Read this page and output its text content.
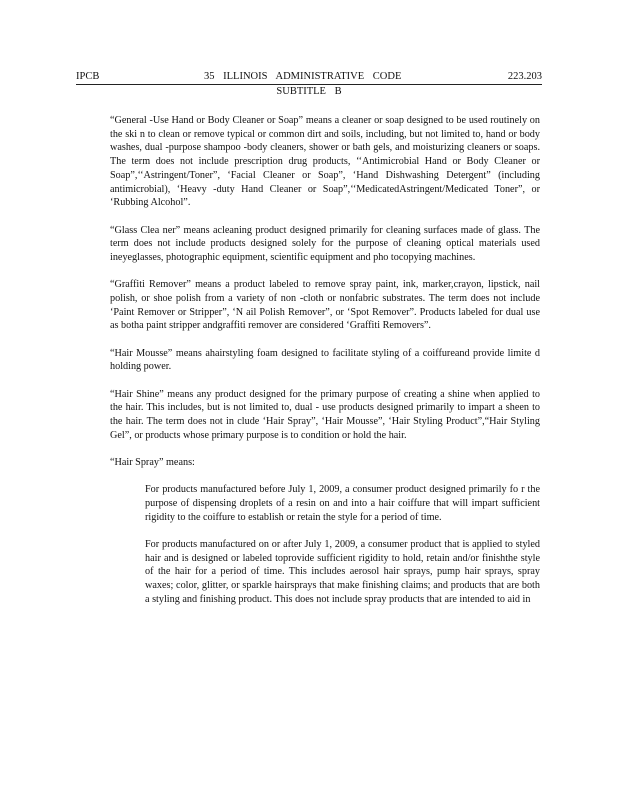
IPCB	35 ILLINOIS ADMINISTRATIVE CODE	223.203
SUBTITLE B

“General -Use Hand or Body Cleaner or Soap” means a cleaner or soap designed to be used routinely on the ski n to clean or remove typical or common dirt and soils, including, but not limited to, hand or body washes, dual -purpose shampoo -body cleaners, shower or bath gels, and moisturizing cleaners or soaps. The term does not include prescription drug products, ‘‘Antimicrobial Hand or Body Cleaner or Soap”,‘‘Astringent/Toner”, ‘Facial Cleaner or Soap”, ‘Hand Dishwashing Detergent” (including antimicrobial), ‘Heavy -duty Hand Cleaner or Soap”,‘‘MedicatedAstringent/Medicated Toner”, or ‘Rubbing Alcohol”.

“Glass Clea ner” means acleaning product designed primarily for cleaning surfaces made of glass. The term does not include products designed solely for the purpose of cleaning optical materials used ineyeglasses, photographic equipment, scientific equipment and pho tocopying machines.

“Graffiti Remover” means a product labeled to remove spray paint, ink, marker,crayon, lipstick, nail polish, or shoe polish from a variety of non -cloth or nonfabric substrates. The term does not include ‘Paint Remover or Stripper”, ‘N ail Polish Remover”, or ‘Spot Remover”. Products labeled for dual use as botha paint stripper andgraffiti remover are considered ‘Graffiti Removers”.

“Hair Mousse” means ahairstyling foam designed to facilitate styling of a coiffureand provide limite d holding power.

“Hair Shine” means any product designed for the primary purpose of creating a shine when applied to the hair. This includes, but is not limited to, dual - use products designed primarily to impart a sheen to the hair. The term does not in clude ‘Hair Spray”, ‘Hair Mousse”, ‘Hair Styling Product”,“Hair Styling Gel”, or products whose primary purpose is to condition or hold the hair.

“Hair Spray” means:

For products manufactured before July 1, 2009, a consumer product designed primarily fo r the purpose of dispensing droplets of a resin on and into a hair coiffure that will impart sufficient rigidity to the coiffure to establish or retain the style for a period of time.

For products manufactured on or after July 1, 2009, a consumer product that is applied to styled hair and is designed or labeled toprovide sufficient rigidity to hold, retain and/or finishthe style of the hair for a period of time. This includes aerosol hair sprays, pump hair sprays, spray waxes; color, glitter, or sparkle hairsprays that make finishing claims; and products that are both a styling and finishing product. This does not include spray products that are intended to aid in
